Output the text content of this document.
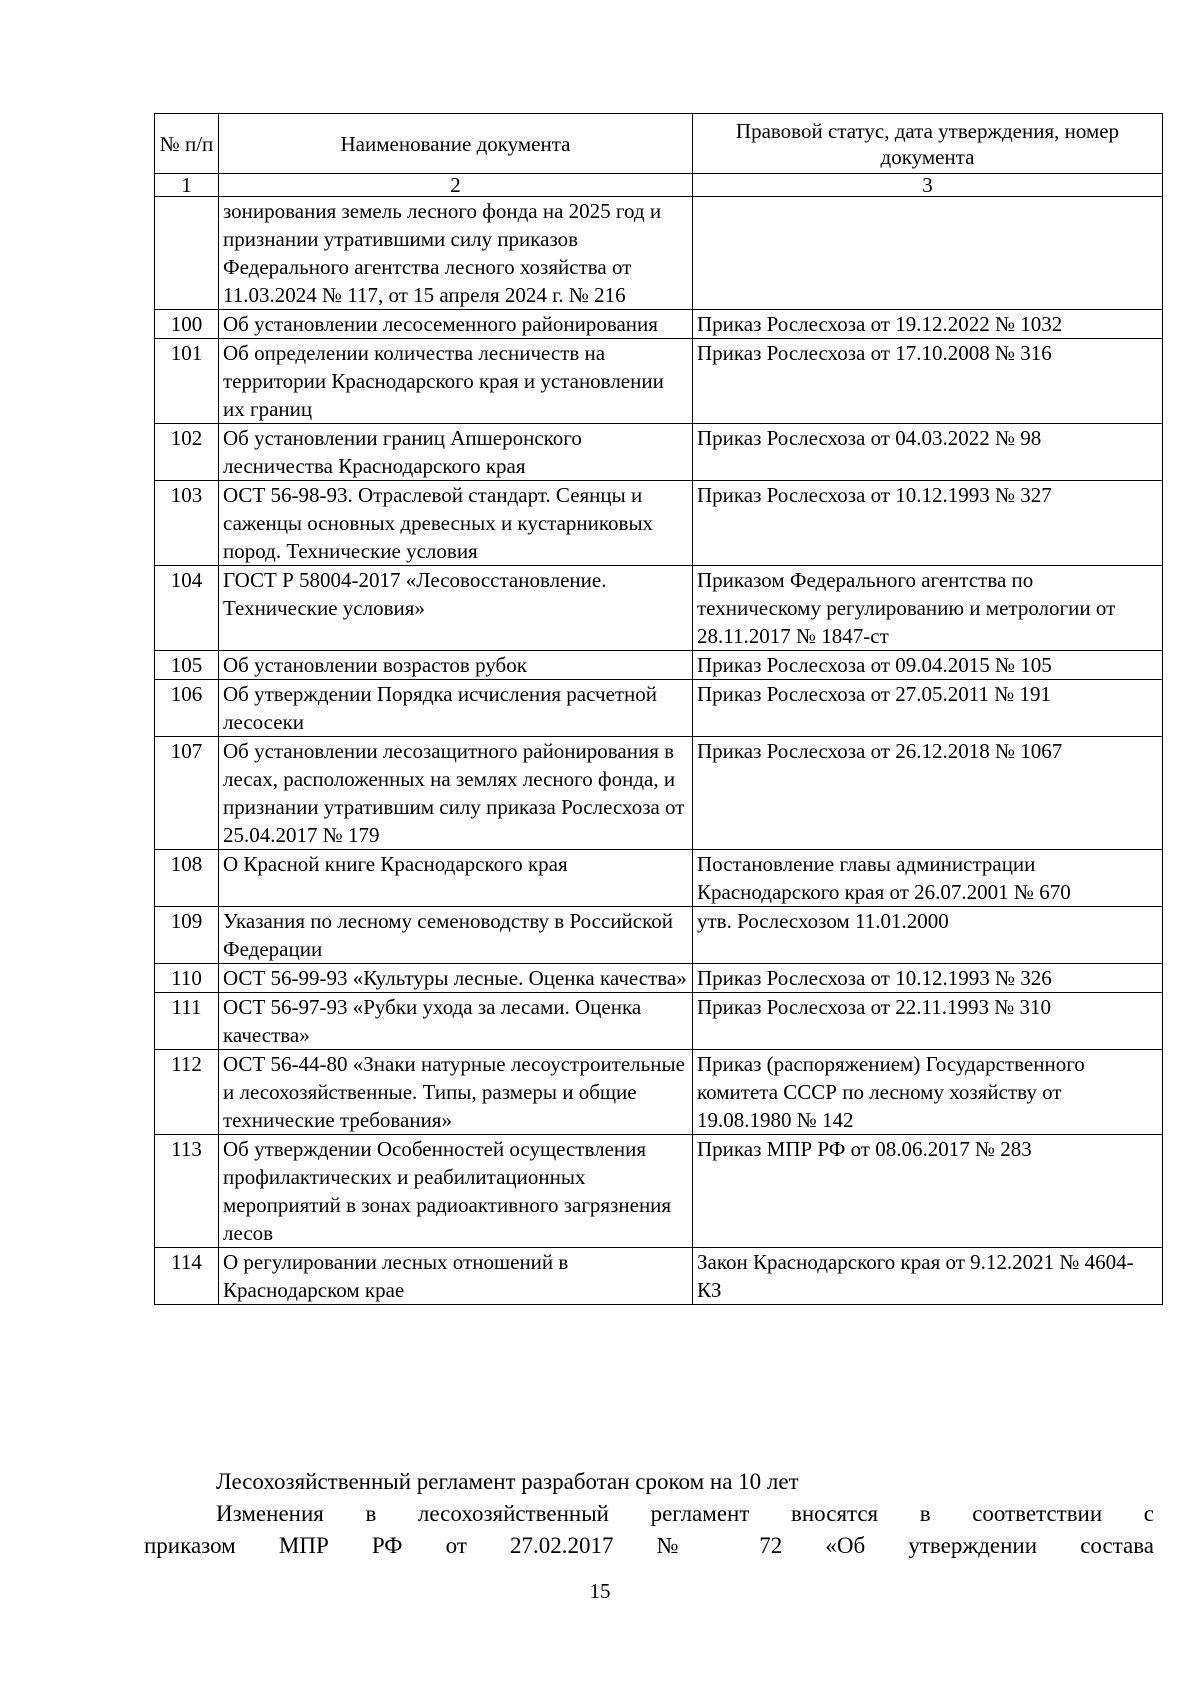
№ п/п	Наименование документа	Правовой статус, дата утверждения, номер документа
1	2	3
	зонирования земель лесного фонда на 2025 год и признании утратившими силу приказов Федерального агентства лесного хозяйства от 11.03.2024 № 117, от 15 апреля 2024 г. № 216	
100	Об установлении лесосеменного районирования	Приказ Рослесхоза от 19.12.2022 № 1032
101	Об определении количества лесничеств на территории Краснодарского края и установлении их границ	Приказ Рослесхоза от 17.10.2008 № 316
102	Об установлении границ Апшеронского лесничества Краснодарского края	Приказ Рослесхоза от 04.03.2022 № 98
103	ОСТ 56-98-93. Отраслевой стандарт. Сеянцы и саженцы основных древесных и кустарниковых пород. Технические условия	Приказ Рослесхоза от 10.12.1993 № 327
104	ГОСТ Р 58004-2017 «Лесовосстановление. Технические условия»	Приказом Федерального агентства по техническому регулированию и метрологии от 28.11.2017 № 1847-ст
105	Об установлении возрастов рубок	Приказ Рослесхоза от 09.04.2015 № 105
106	Об утверждении Порядка исчисления расчетной лесосеки	Приказ Рослесхоза от 27.05.2011 № 191
107	Об установлении лесозащитного районирования в лесах, расположенных на землях лесного фонда, и признании утратившим силу приказа Рослесхоза от 25.04.2017 № 179	Приказ Рослесхоза от 26.12.2018 № 1067
108	О Красной книге Краснодарского края	Постановление главы администрации Краснодарского края от 26.07.2001 № 670
109	Указания по лесному семеноводству в Российской Федерации	утв. Рослесхозом 11.01.2000
110	ОСТ 56-99-93 «Культуры лесные. Оценка качества»	Приказ Рослесхоза от 10.12.1993 № 326
111	ОСТ 56-97-93 «Рубки ухода за лесами. Оценка качества»	Приказ Рослесхоза от 22.11.1993 № 310
112	ОСТ 56-44-80 «Знаки натурные лесоустроительные и лесохозяйственные. Типы, размеры и общие технические требования»	Приказ (распоряжением) Государственного комитета СССР по лесному хозяйству от 19.08.1980 № 142
113	Об утверждении Особенностей осуществления профилактических и реабилитационных мероприятий в зонах радиоактивного загрязнения лесов	Приказ МПР РФ от 08.06.2017 № 283
114	О регулировании лесных отношений в Краснодарском крае	Закон Краснодарского края от 9.12.2021 № 4604-КЗ
Лесохозяйственный регламент разработан сроком на 10 лет
Изменения в лесохозяйственный регламент вносятся в соответствии с
приказом МПР РФ от 27.02.2017 № 72 «Об утверждении состава
15
